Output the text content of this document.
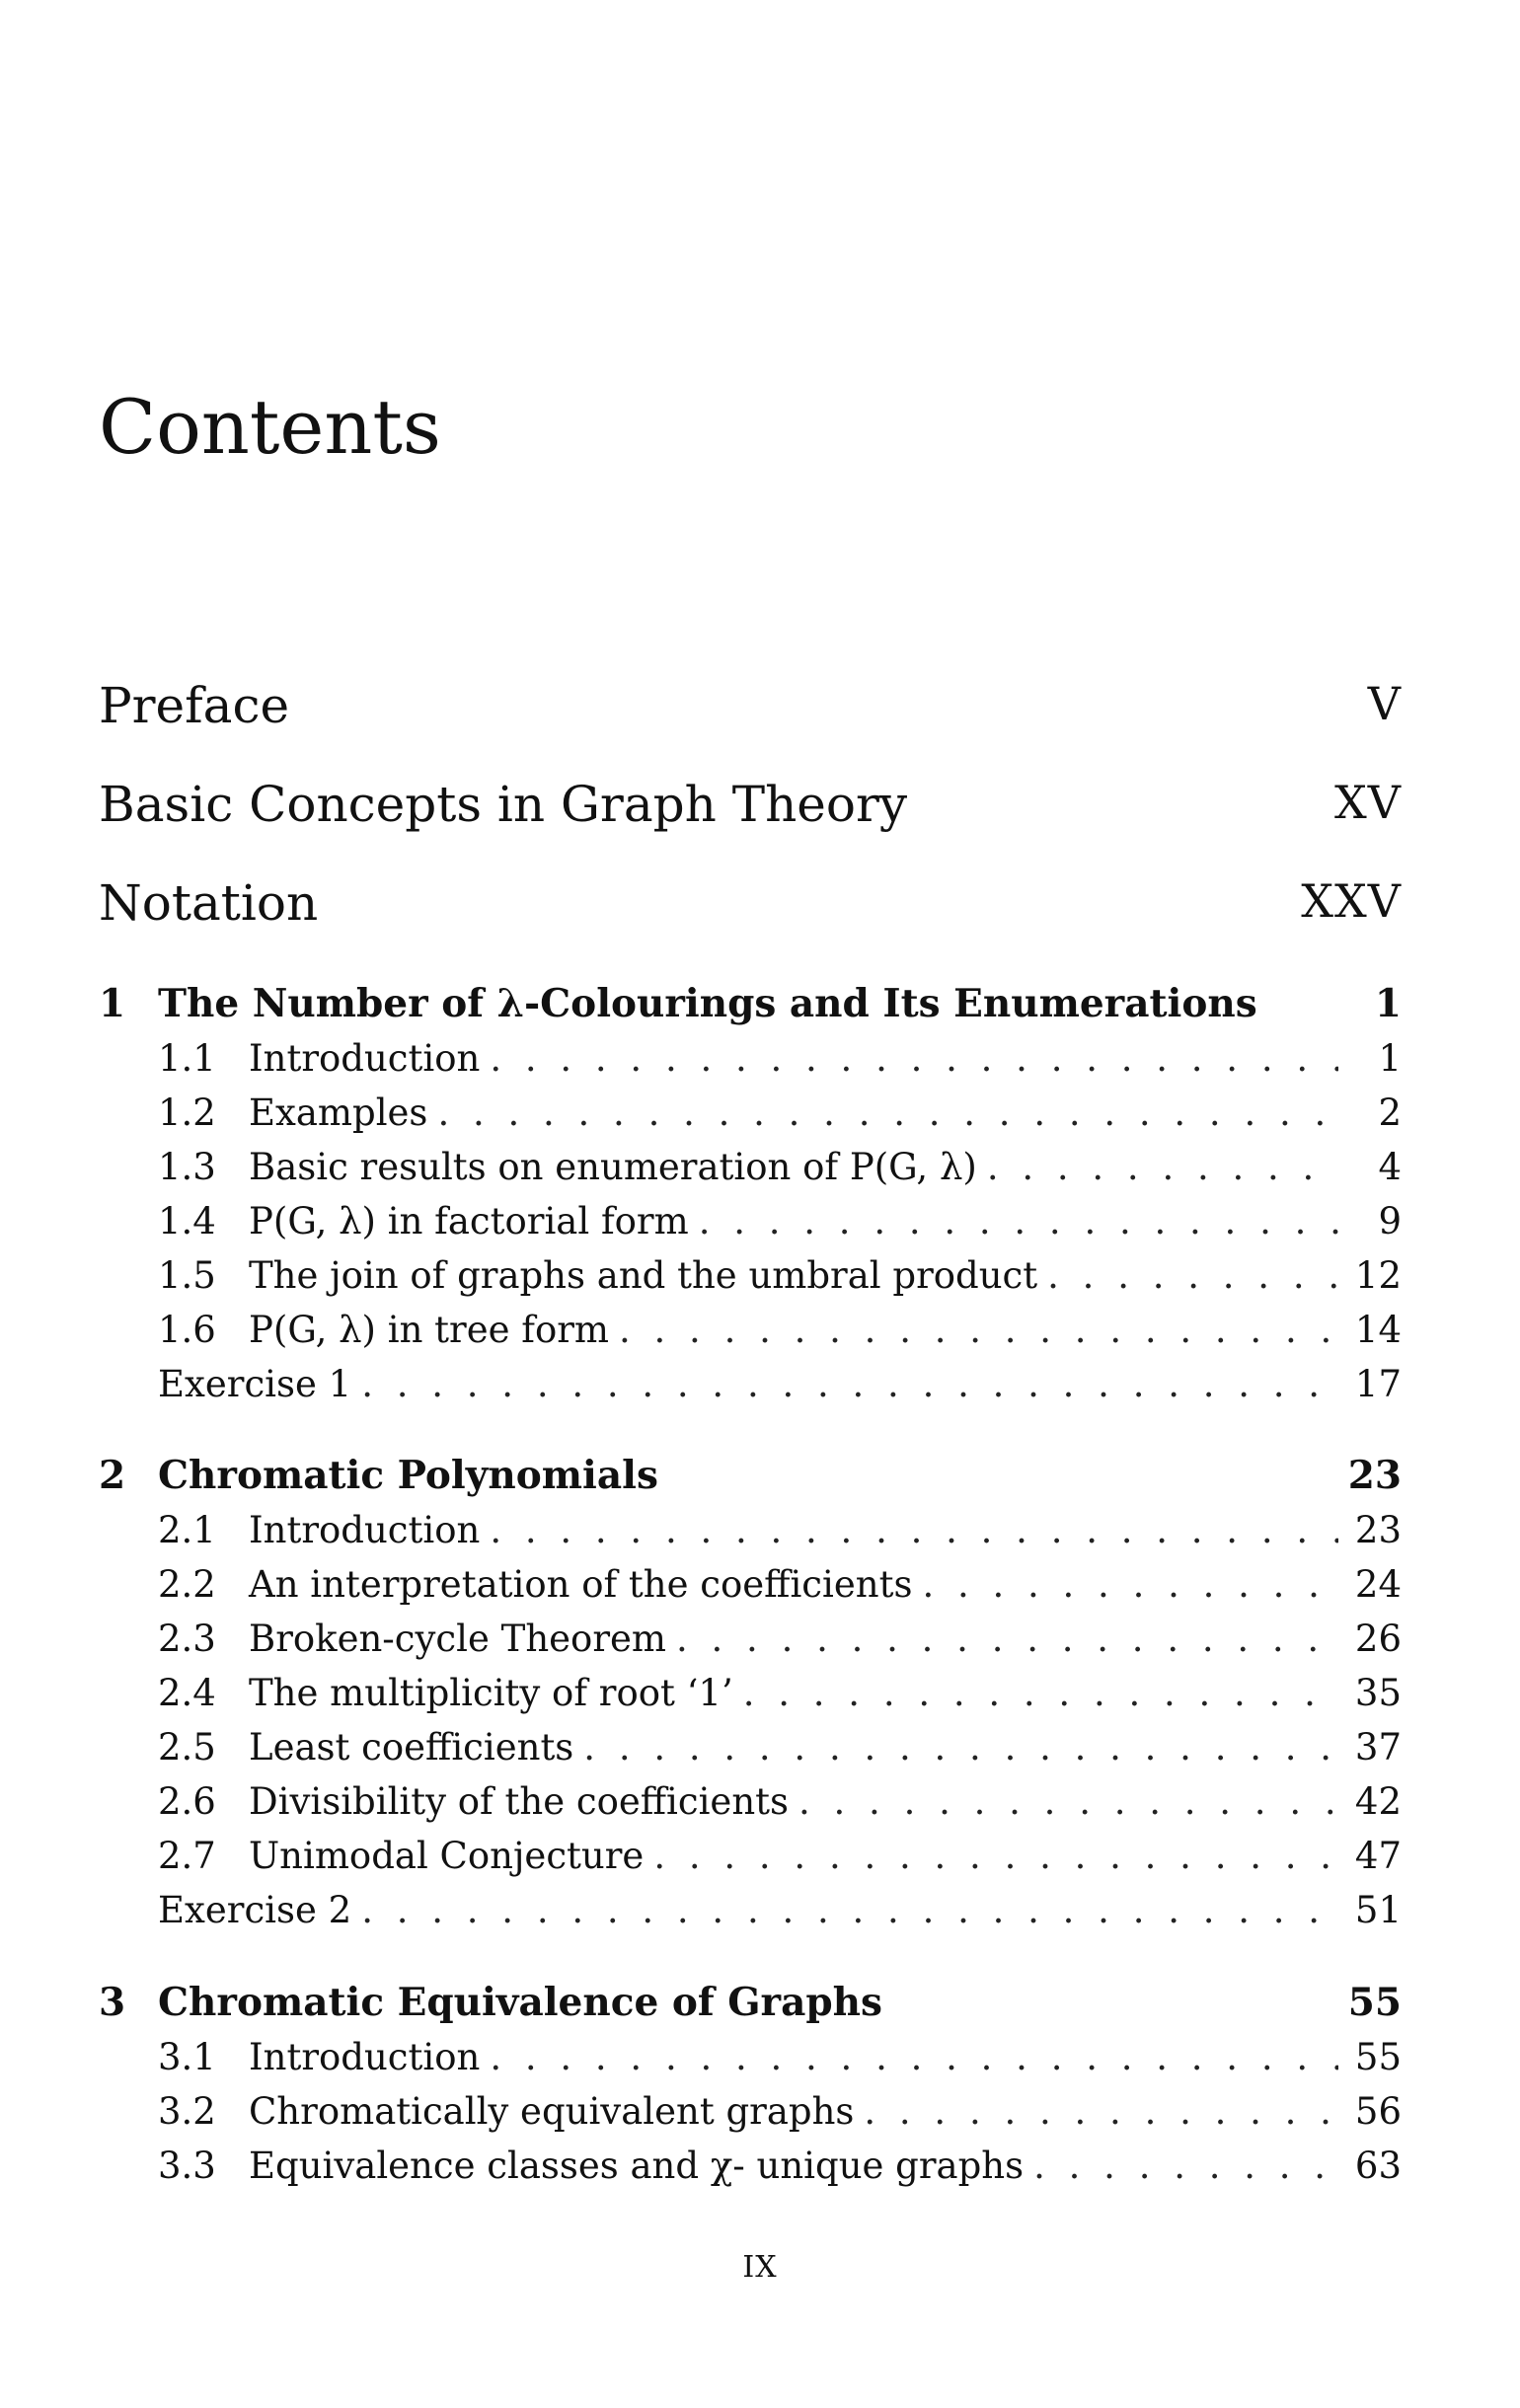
Contents
Preface	V
Basic Concepts in Graph Theory	XV
Notation	XXV
1 The Number of λ-Colourings and Its Enumerations	1
1.1 Introduction . . .	1
1.2 Examples . . .	2
1.3 Basic results on enumeration of P(G, λ) . . .	4
1.4 P(G, λ) in factorial form . . .	9
1.5 The join of graphs and the umbral product . . .	12
1.6 P(G, λ) in tree form . . .	14
Exercise 1 . . .	17
2 Chromatic Polynomials	23
2.1 Introduction . . .	23
2.2 An interpretation of the coefficients . . .	24
2.3 Broken-cycle Theorem . . .	26
2.4 The multiplicity of root ‘1’ . . .	35
2.5 Least coefficients . . .	37
2.6 Divisibility of the coefficients . . .	42
2.7 Unimodal Conjecture . . .	47
Exercise 2 . . .	51
3 Chromatic Equivalence of Graphs	55
3.1 Introduction . . .	55
3.2 Chromatically equivalent graphs . . .	56
3.3 Equivalence classes and χ- unique graphs . . .	63
IX
